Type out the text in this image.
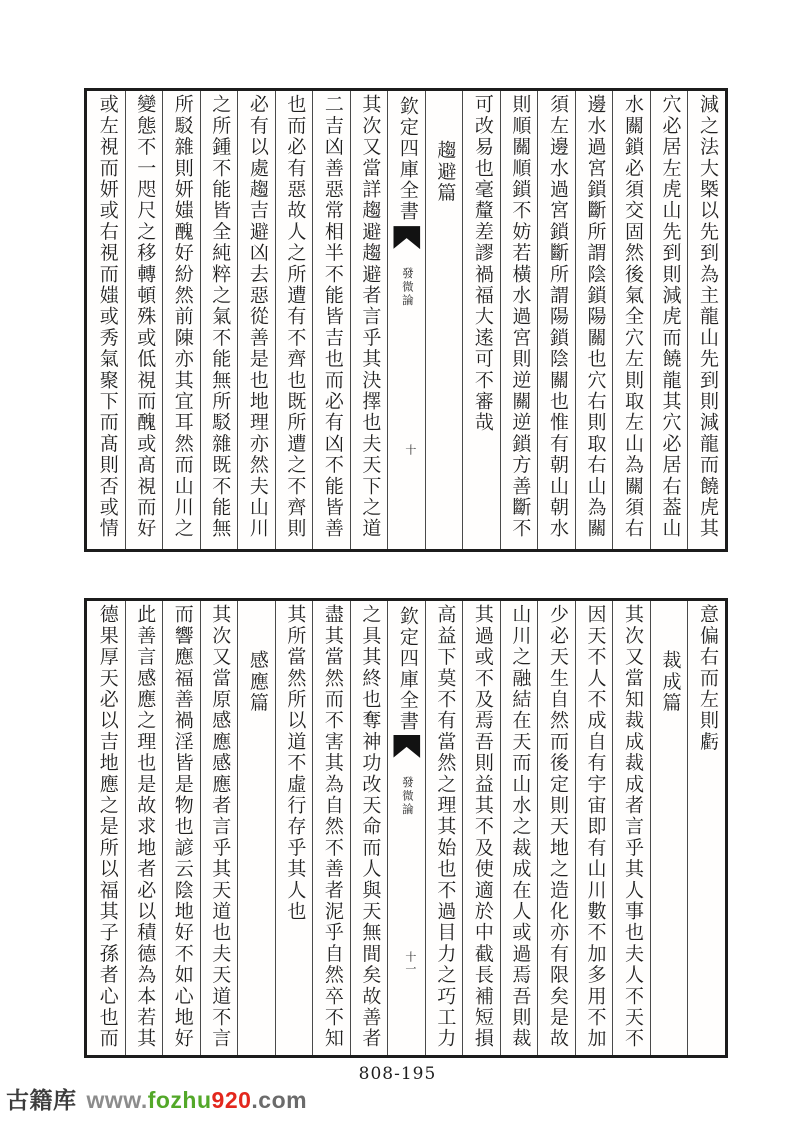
減之法大槩以先到為主龍山先到則減龍而饒虎其
穴必居左虎山先到則減虎而饒龍其穴必居右葢山
水關鎖必須交固然後氣全穴左則取左山為關須右
邊水過宮鎖斷所謂陰鎖陽關也穴右則取右山為關
須左邊水過宮鎖斷所謂陽鎖陰關也惟有朝山朝水
則順關順鎖不妨若橫水過宮則逆關逆鎖方善斷不
可改易也毫釐差謬禍福大逺可不審哉
趨避篇
欽定四庫全書
發微論
十
其次又當詳趨避趨避者言乎其決擇也夫天下之道
二吉凶善惡常相半不能皆吉也而必有凶不能皆善
也而必有惡故人之所遭有不齊也既所遭之不齊則
必有以處趨吉避凶去惡從善是也地理亦然夫山川
之所鍾不能皆全純粹之氣不能無所駁雜既不能無
所駁雜則妍媸醜好紛然前陳亦其宜耳然而山川之
變態不一咫尺之移轉頓殊或低視而醜或髙視而好
或左視而妍或右視而媸或秀氣聚下而髙則否或情
意偏右而左則虧
裁成篇
其次又當知裁成裁成者言乎其人事也夫人不天不
因天不人不成自有宇宙即有山川數不加多用不加
少必天生自然而後定則天地之造化亦有限矣是故
山川之融結在天而山水之裁成在人或過焉吾則裁
其過或不及焉吾則益其不及使適於中截長補短損
高益下莫不有當然之理其始也不過目力之巧工力
欽定四庫全書
發微論
十一
之具其終也奪神功改天命而人與天無間矣故善者
盡其當然而不害其為自然不善者泥乎自然卒不知
其所當然所以道不虛行存乎其人也
感應篇
其次又當原感應感應者言乎其天道也夫天道不言
而響應福善禍淫皆是物也諺云陰地好不如心地好
此善言感應之理也是故求地者必以積德為本若其
德果厚天必以吉地應之是所以福其子孫者心也而
808-195
古籍库 www.fozhu920.com
